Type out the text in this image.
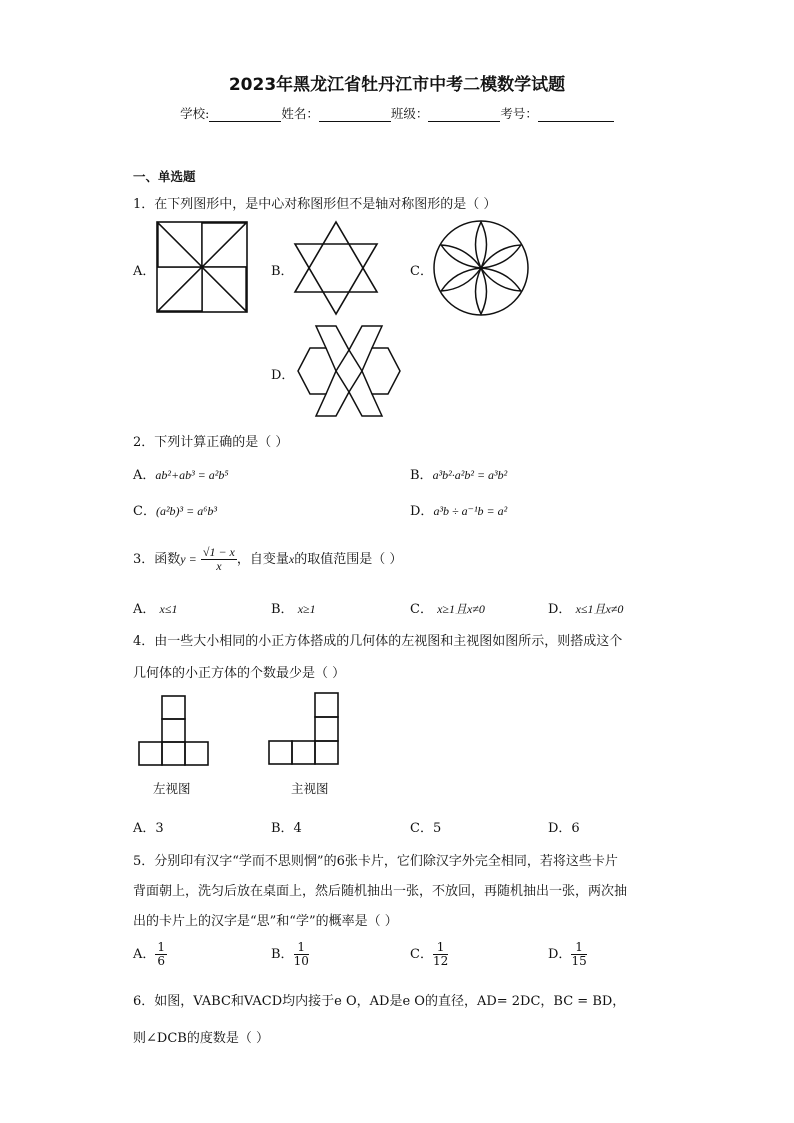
2023年黑龙江省牡丹江市中考二模数学试题
学校:	姓名：	班级：	考号：
一、单选题
1．在下列图形中，是中心对称图形但不是轴对称图形的是（ ）
A．	B．	C．
D．
2．下列计算正确的是（ ）
A．ab²+ab³ = a²b⁵	B．a³b²·a²b² = a³b²
C．(a²b)³ = a⁶b³	D．a³b ÷ a⁻¹b = a²
3．函数$y = \frac{√1 - x}{x}$ ，自变量x的取值范围是（ ）
A． x≤1	B． x≥1	C． x≥1且x≠0	D． x≤1且x≠0
4．由一些大小相同的小正方体搭成的几何体的左视图和主视图如图所示，则搭成这个
几何体的小正方体的个数最少是（ ）
左视图	主视图
A．3	B．4	C．5	D．6
5．分别印有汉字“学而不思则惘”的6张卡片，它们除汉字外完全相同，若将这些卡片
背面朝上，洗匀后放在桌面上，然后随机抽出一张，不放回，再随机抽出一张，两次抽
出的卡片上的汉字是“思”和“学”的概率是（ ）
A． $\frac{1}{6}$	B． $\frac{1}{10}$	C． $\frac{1}{12}$	D． $\frac{1}{15}$
6．如图，VABC和VACD均内接于e O，AD是e O的直径，AD= 2DC，BC = BD，
则∠DCB的度数是（ ）
